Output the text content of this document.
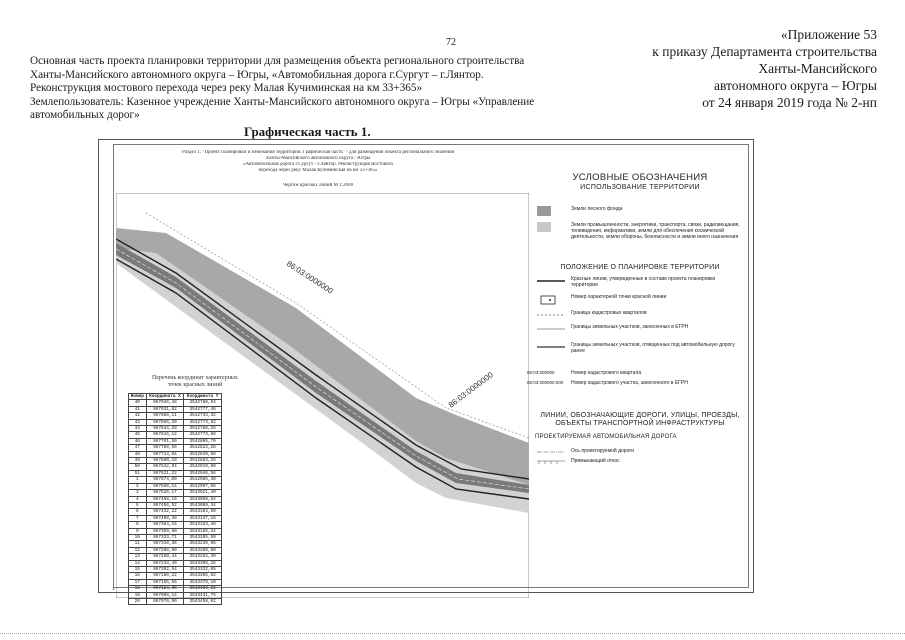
72
«Приложение 53
к приказу Департамента строительства
Ханты-Мансийского
автономного округа – Югры
от 24 января 2019 года № 2-нп
Основная часть проекта планировки территории для размещения объекта регионального строительства
Ханты-Мансийского автономного округа – Югры, «Автомобильная дорога г.Сургут – г.Лянтор.
Реконструкция мостового перехода через реку Малая Кучиминская на км 33+365»
Землепользователь: Казенное учреждение Ханты-Мансийского автономного округа – Югры «Управление
автомобильных дорог»
Графическая часть 1.
Раздел 1. "Проект планировки и межевания территории. Графическая часть" - для размещения объекта регионального значения
Ханты-Мансийского автономного округа - Югры
«Автомобильная дорога г.Сургут - г.Лянтор. Реконструкция мостового
перехода через реку Малая Кучиминская на км 33+365»
Чертеж красных линий М 1:2000
86:03:0000000
86:03:0000000
Перечень координат характерных
точек красных линий
Номер	Координата X	Координата Y
40	967946,48	3542768,94
41	967931,62	3542777,46
42	967888,11	3542733,32
43	967866,20	3542773,82
44	967844,28	3542786,26
45	967816,12	3542773,88
46	967791,50	3542805,70
47	967750,56	3542822,28
48	967713,84	3542849,58
49	967680,18	3542883,26
50	967642,94	3542919,90
51	967621,22	3542946,56
1	967574,00	3542985,30
2	967560,14	3542997,66
3	967520,17	3543021,40
4	967498,16	3543058,64
5	967456,52	3543089,34
6	967432,22	3543104,90
7	967408,48	3543137,16
8	967384,15	3543163,48
9	967359,80	3543185,34
10	967333,71	3543205,50
11	967310,36	3543239,96
12	967288,90	3543260,80
13	967260,44	3543284,30
14	967233,40	3543308,28
15	967202,54	3543332,65
16	967180,22	3543355,62
17	967155,56	3543379,10
18	967124,36	3543403,22
19	967098,14	3543431,76
20	967070,90	3543458,02
УСЛОВНЫЕ ОБОЗНАЧЕНИЯ
ИСПОЛЬЗОВАНИЕ ТЕРРИТОРИИ
Земли лесного фонда
Земли промышленности, энергетики, транспорта, связи, радиовещания, телевидения, информатики, земли для обеспечения космической деятельности, земли обороны, безопасности и земли иного назначения
ПОЛОЖЕНИЕ О ПЛАНИРОВКЕ ТЕРРИТОРИИ
Красные линии, утвержденные в составе проекта планировки территории
Номер характерной точки красной линии
Граница кадастровых кварталов
Границы земельных участков, занесенных в ЕГРН
Границы земельных участков, отведенных под автомобильную дорогу ранее
86:03:000000	Номер кадастрового квартала
86:03:000000:000	Номер кадастрового участка, занесенного в ЕГРН
ЛИНИИ, ОБОЗНАЧАЮЩИЕ ДОРОГИ, УЛИЦЫ, ПРОЕЗДЫ, ОБЪЕКТЫ ТРАНСПОРТНОЙ ИНФРАСТРУКТУРЫ
ПРОЕКТИРУЕМАЯ АВТОМОБИЛЬНАЯ ДОРОГА
Ось проектируемой дороги
Примыкающий откос
